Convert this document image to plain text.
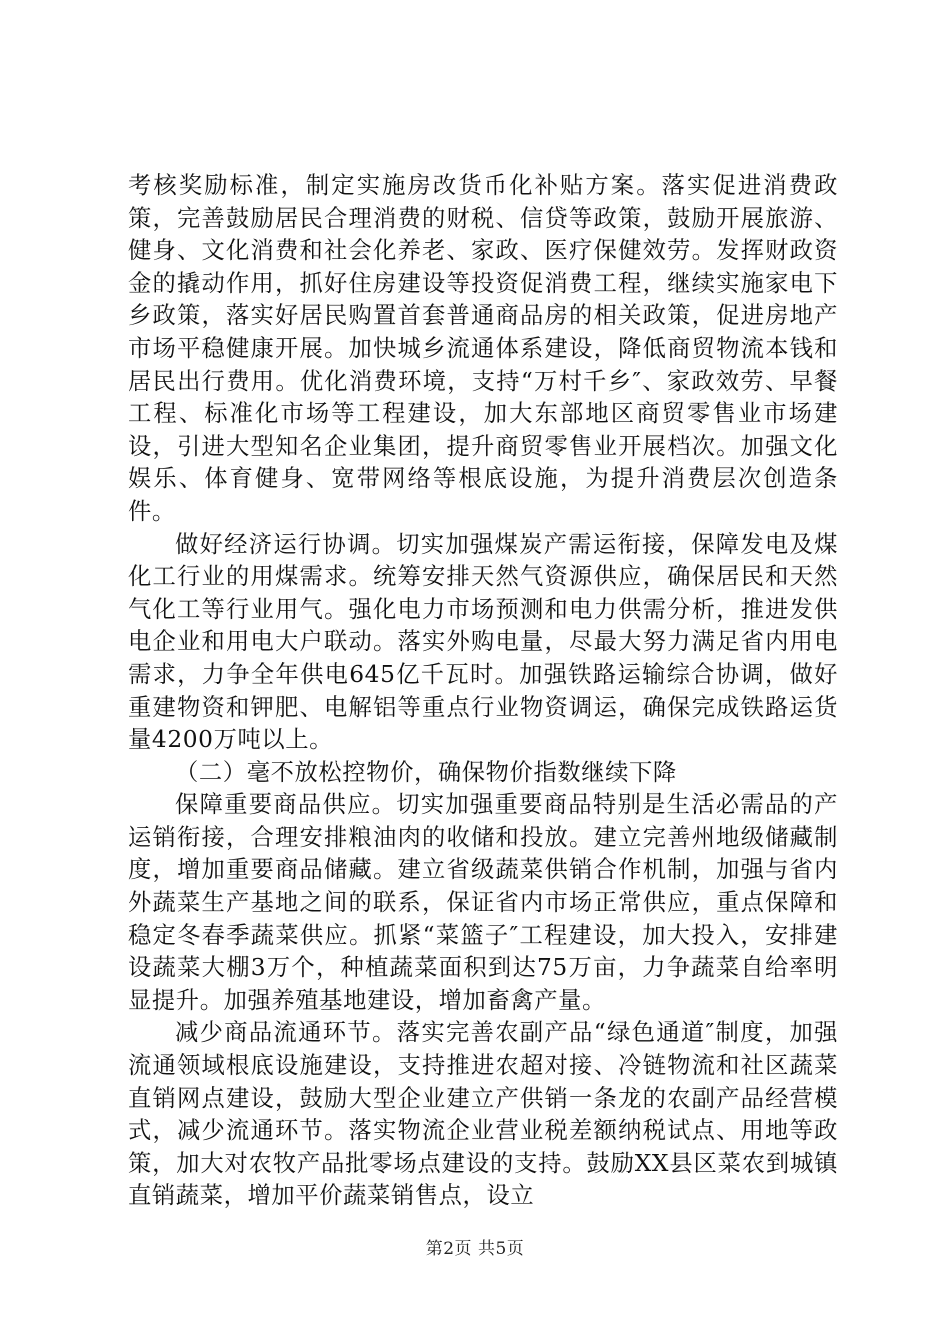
考核奖励标准，制定实施房改货币化补贴方案。落实促进消费政策，完善鼓励居民合理消费的财税、信贷等政策，鼓励开展旅游、健身、文化消费和社会化养老、家政、医疗保健效劳。发挥财政资金的撬动作用，抓好住房建设等投资促消费工程，继续实施家电下乡政策，落实好居民购置首套普通商品房的相关政策，促进房地产市场平稳健康开展。加快城乡流通体系建设，降低商贸物流本钱和居民出行费用。优化消费环境，支持“万村千乡″、家政效劳、早餐工程、标准化市场等工程建设，加大东部地区商贸零售业市场建设，引进大型知名企业集团，提升商贸零售业开展档次。加强文化娱乐、体育健身、宽带网络等根底设施，为提升消费层次创造条件。

做好经济运行协调。切实加强煤炭产需运衔接，保障发电及煤化工行业的用煤需求。统筹安排天然气资源供应，确保居民和天然气化工等行业用气。强化电力市场预测和电力供需分析，推进发供电企业和用电大户联动。落实外购电量，尽最大努力满足省内用电需求，力争全年供电645亿千瓦时。加强铁路运输综合协调，做好重建物资和钾肥、电解铝等重点行业物资调运，确保完成铁路运货量4200万吨以上。

（二）毫不放松控物价，确保物价指数继续下降

保障重要商品供应。切实加强重要商品特别是生活必需品的产运销衔接，合理安排粮油肉的收储和投放。建立完善州地级储藏制度，增加重要商品储藏。建立省级蔬菜供销合作机制，加强与省内外蔬菜生产基地之间的联系，保证省内市场正常供应，重点保障和稳定冬春季蔬菜供应。抓紧“菜篮子″工程建设，加大投入，安排建设蔬菜大棚3万个，种植蔬菜面积到达75万亩，力争蔬菜自给率明显提升。加强养殖基地建设，增加畜禽产量。

减少商品流通环节。落实完善农副产品“绿色通道″制度，加强流通领域根底设施建设，支持推进农超对接、冷链物流和社区蔬菜直销网点建设，鼓励大型企业建立产供销一条龙的农副产品经营模式，减少流通环节。落实物流企业营业税差额纳税试点、用地等政策，加大对农牧产品批零场点建设的支持。鼓励XX县区菜农到城镇直销蔬菜，增加平价蔬菜销售点，设立

第2页 共5页
